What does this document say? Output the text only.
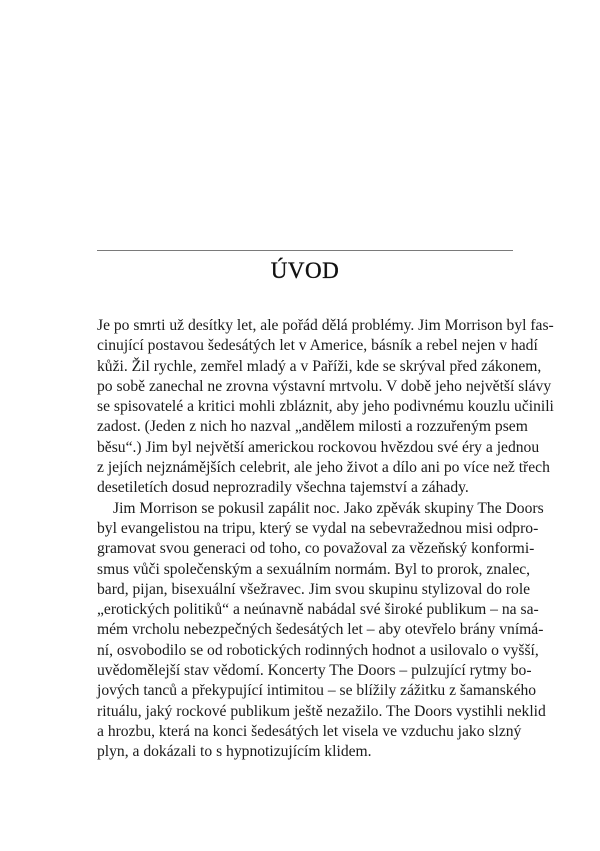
ÚVOD

Je po smrti už desítky let, ale pořád dělá problémy. Jim Morrison byl fas-
cinující postavou šedesátých let v Americe, básník a rebel nejen v hadí
kůži. Žil rychle, zemřel mladý a v Paříži, kde se skrýval před zákonem,
po sobě zanechal ne zrovna výstavní mrtvolu. V době jeho největší slávy
se spisovatelé a kritici mohli zbláznit, aby jeho podivnému kouzlu učinili
zadost. (Jeden z nich ho nazval „andělem milosti a rozzuřeným psem
běsu“.) Jim byl největší americkou rockovou hvězdou své éry a jednou
z jejích nejznámějších celebrit, ale jeho život a dílo ani po více než třech
desetiletích dosud neprozradily všechna tajemství a záhady.

Jim Morrison se pokusil zapálit noc. Jako zpěvák skupiny The Doors
byl evangelistou na tripu, který se vydal na sebevražednou misi odpro-
gramovat svou generaci od toho, co považoval za vězeňský konformi-
smus vůči společenským a sexuálním normám. Byl to prorok, znalec,
bard, pijan, bisexuální všežravec. Jim svou skupinu stylizoval do role
„erotických politiků“ a neúnavně nabádal své široké publikum – na sa-
mém vrcholu nebezpečných šedesátých let – aby otevřelo brány vnímá-
ní, osvobodilo se od robotických rodinných hodnot a usilovalo o vyšší,
uvědomělejší stav vědomí. Koncerty The Doors – pulzující rytmy bo-
jových tanců a překypující intimitou – se blížily zážitku z šamanského
rituálu, jaký rockové publikum ještě nezažilo. The Doors vystihli neklid
a hrozbu, která na konci šedesátých let visela ve vzduchu jako slzný
plyn, a dokázali to s hypnotizujícím klidem.
